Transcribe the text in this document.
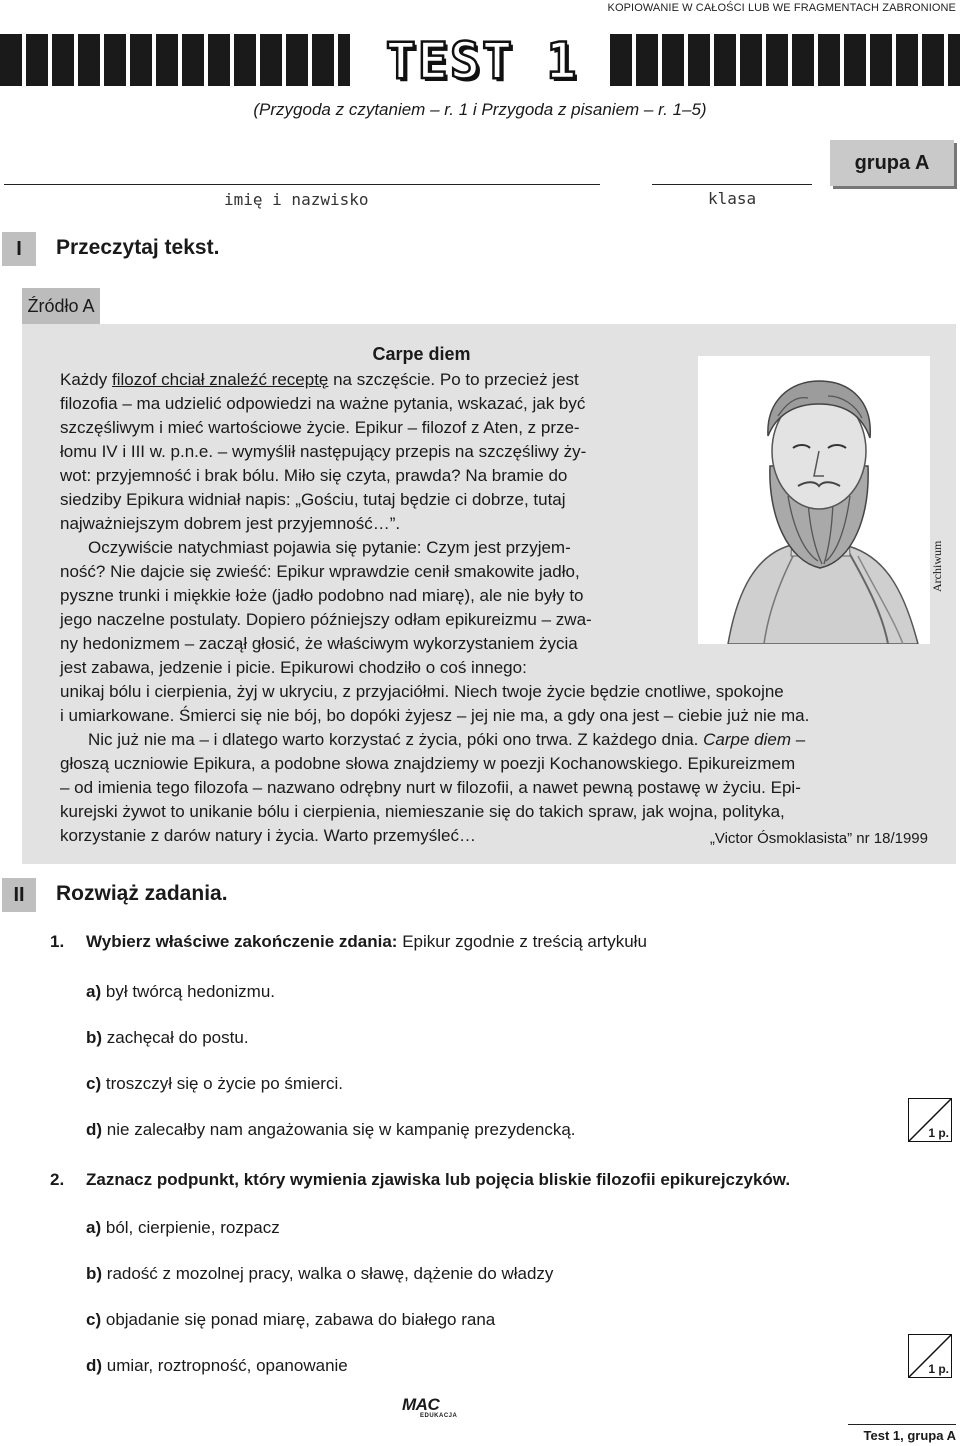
KOPIOWANIE W CAŁOŚCI LUB WE FRAGMENTACH ZABRONIONE
TEST 1
(Przygoda z czytaniem – r. 1 i Przygoda z pisaniem – r. 1–5)
imię i nazwisko	klasa
grupa A
I	Przeczytaj tekst.
Źródło A
Carpe diem
Archiwum
Każdy filozof chciał znaleźć receptę na szczęście. Po to przecież jest
filozofia – ma udzielić odpowiedzi na ważne pytania, wskazać, jak być
szczęśliwym i mieć wartościowe życie. Epikur – filozof z Aten, z prze-
łomu IV i III w. p.n.e. – wymyślił następujący przepis na szczęśliwy ży-
wot: przyjemność i brak bólu. Miło się czyta, prawda? Na bramie do
siedziby Epikura widniał napis: „Gościu, tutaj będzie ci dobrze, tutaj
najważniejszym dobrem jest przyjemność…”.
Oczywiście natychmiast pojawia się pytanie: Czym jest przyjem-
ność? Nie dajcie się zwieść: Epikur wprawdzie cenił smakowite jadło,
pyszne trunki i miękkie łoże (jadło podobno nad miarę), ale nie były to
jego naczelne postulaty. Dopiero późniejszy odłam epikureizmu – zwa-
ny hedonizmem – zaczął głosić, że właściwym wykorzystaniem życia
jest zabawa, jedzenie i picie. Epikurowi chodziło o coś innego:
unikaj bólu i cierpienia, żyj w ukryciu, z przyjaciółmi. Niech twoje życie będzie cnotliwe, spokojne
i umiarkowane. Śmierci się nie bój, bo dopóki żyjesz – jej nie ma, a gdy ona jest – ciebie już nie ma.
Nic już nie ma – i dlatego warto korzystać z życia, póki ono trwa. Z każdego dnia. Carpe diem –
głoszą uczniowie Epikura, a podobne słowa znajdziemy w poezji Kochanowskiego. Epikureizmem
– od imienia tego filozofa – nazwano odrębny nurt w filozofii, a nawet pewną postawę w życiu. Epi-
kurejski żywot to unikanie bólu i cierpienia, niemieszanie się do takich spraw, jak wojna, polityka,
korzystanie z darów natury i życia. Warto przemyśleć…	„Victor Ósmoklasista” nr 18/1999
II	Rozwiąż zadania.
1. Wybierz właściwe zakończenie zdania: Epikur zgodnie z treścią artykułu
a) był twórcą hedonizmu.
b) zachęcał do postu.
c) troszczył się o życie po śmierci.
d) nie zalecałby nam angażowania się w kampanię prezydencką.	1 p.
2. Zaznacz podpunkt, który wymienia zjawiska lub pojęcia bliskie filozofii epikurejczyków.
a) ból, cierpienie, rozpacz
b) radość z mozolnej pracy, walka o sławę, dążenie do władzy
c) objadanie się ponad miarę, zabawa do białego rana
d) umiar, roztropność, opanowanie	1 p.
MAC
EDUKACJA
Test 1, grupa A
